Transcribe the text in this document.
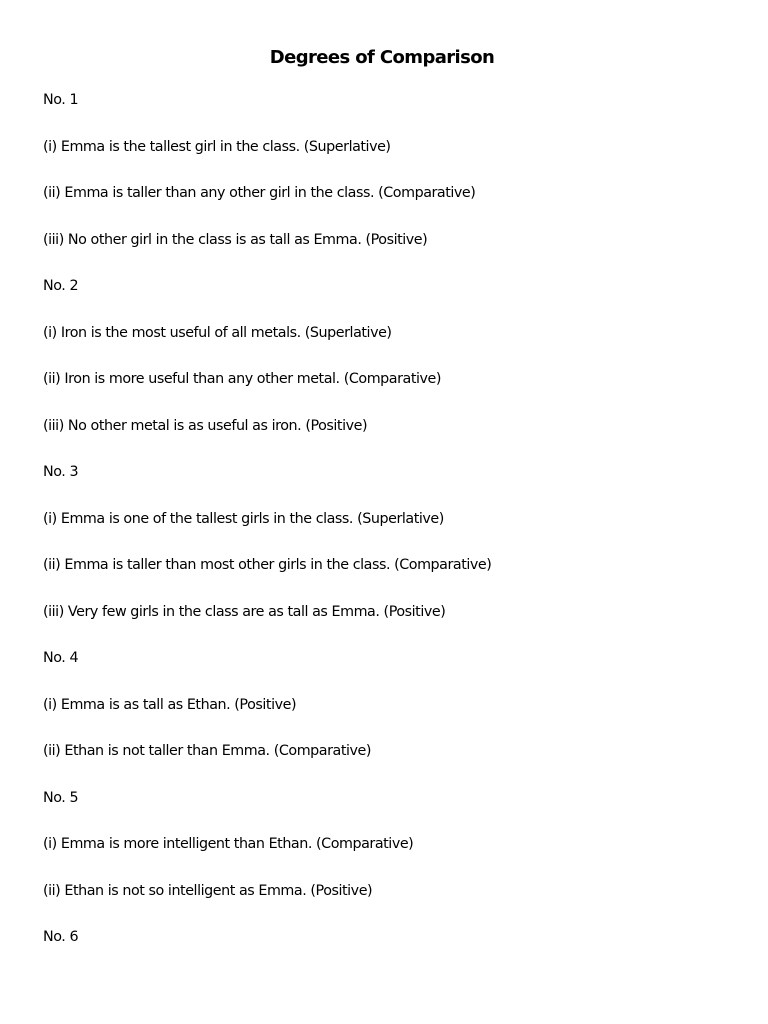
Degrees of Comparison
No. 1
(i) Emma is the tallest girl in the class. (Superlative)
(ii) Emma is taller than any other girl in the class. (Comparative)
(iii) No other girl in the class is as tall as Emma. (Positive)
No. 2
(i) Iron is the most useful of all metals. (Superlative)
(ii) Iron is more useful than any other metal. (Comparative)
(iii) No other metal is as useful as iron. (Positive)
No. 3
(i) Emma is one of the tallest girls in the class. (Superlative)
(ii) Emma is taller than most other girls in the class. (Comparative)
(iii) Very few girls in the class are as tall as Emma. (Positive)
No. 4
(i) Emma is as tall as Ethan. (Positive)
(ii) Ethan is not taller than Emma. (Comparative)
No. 5
(i) Emma is more intelligent than Ethan. (Comparative)
(ii) Ethan is not so intelligent as Emma. (Positive)
No. 6
